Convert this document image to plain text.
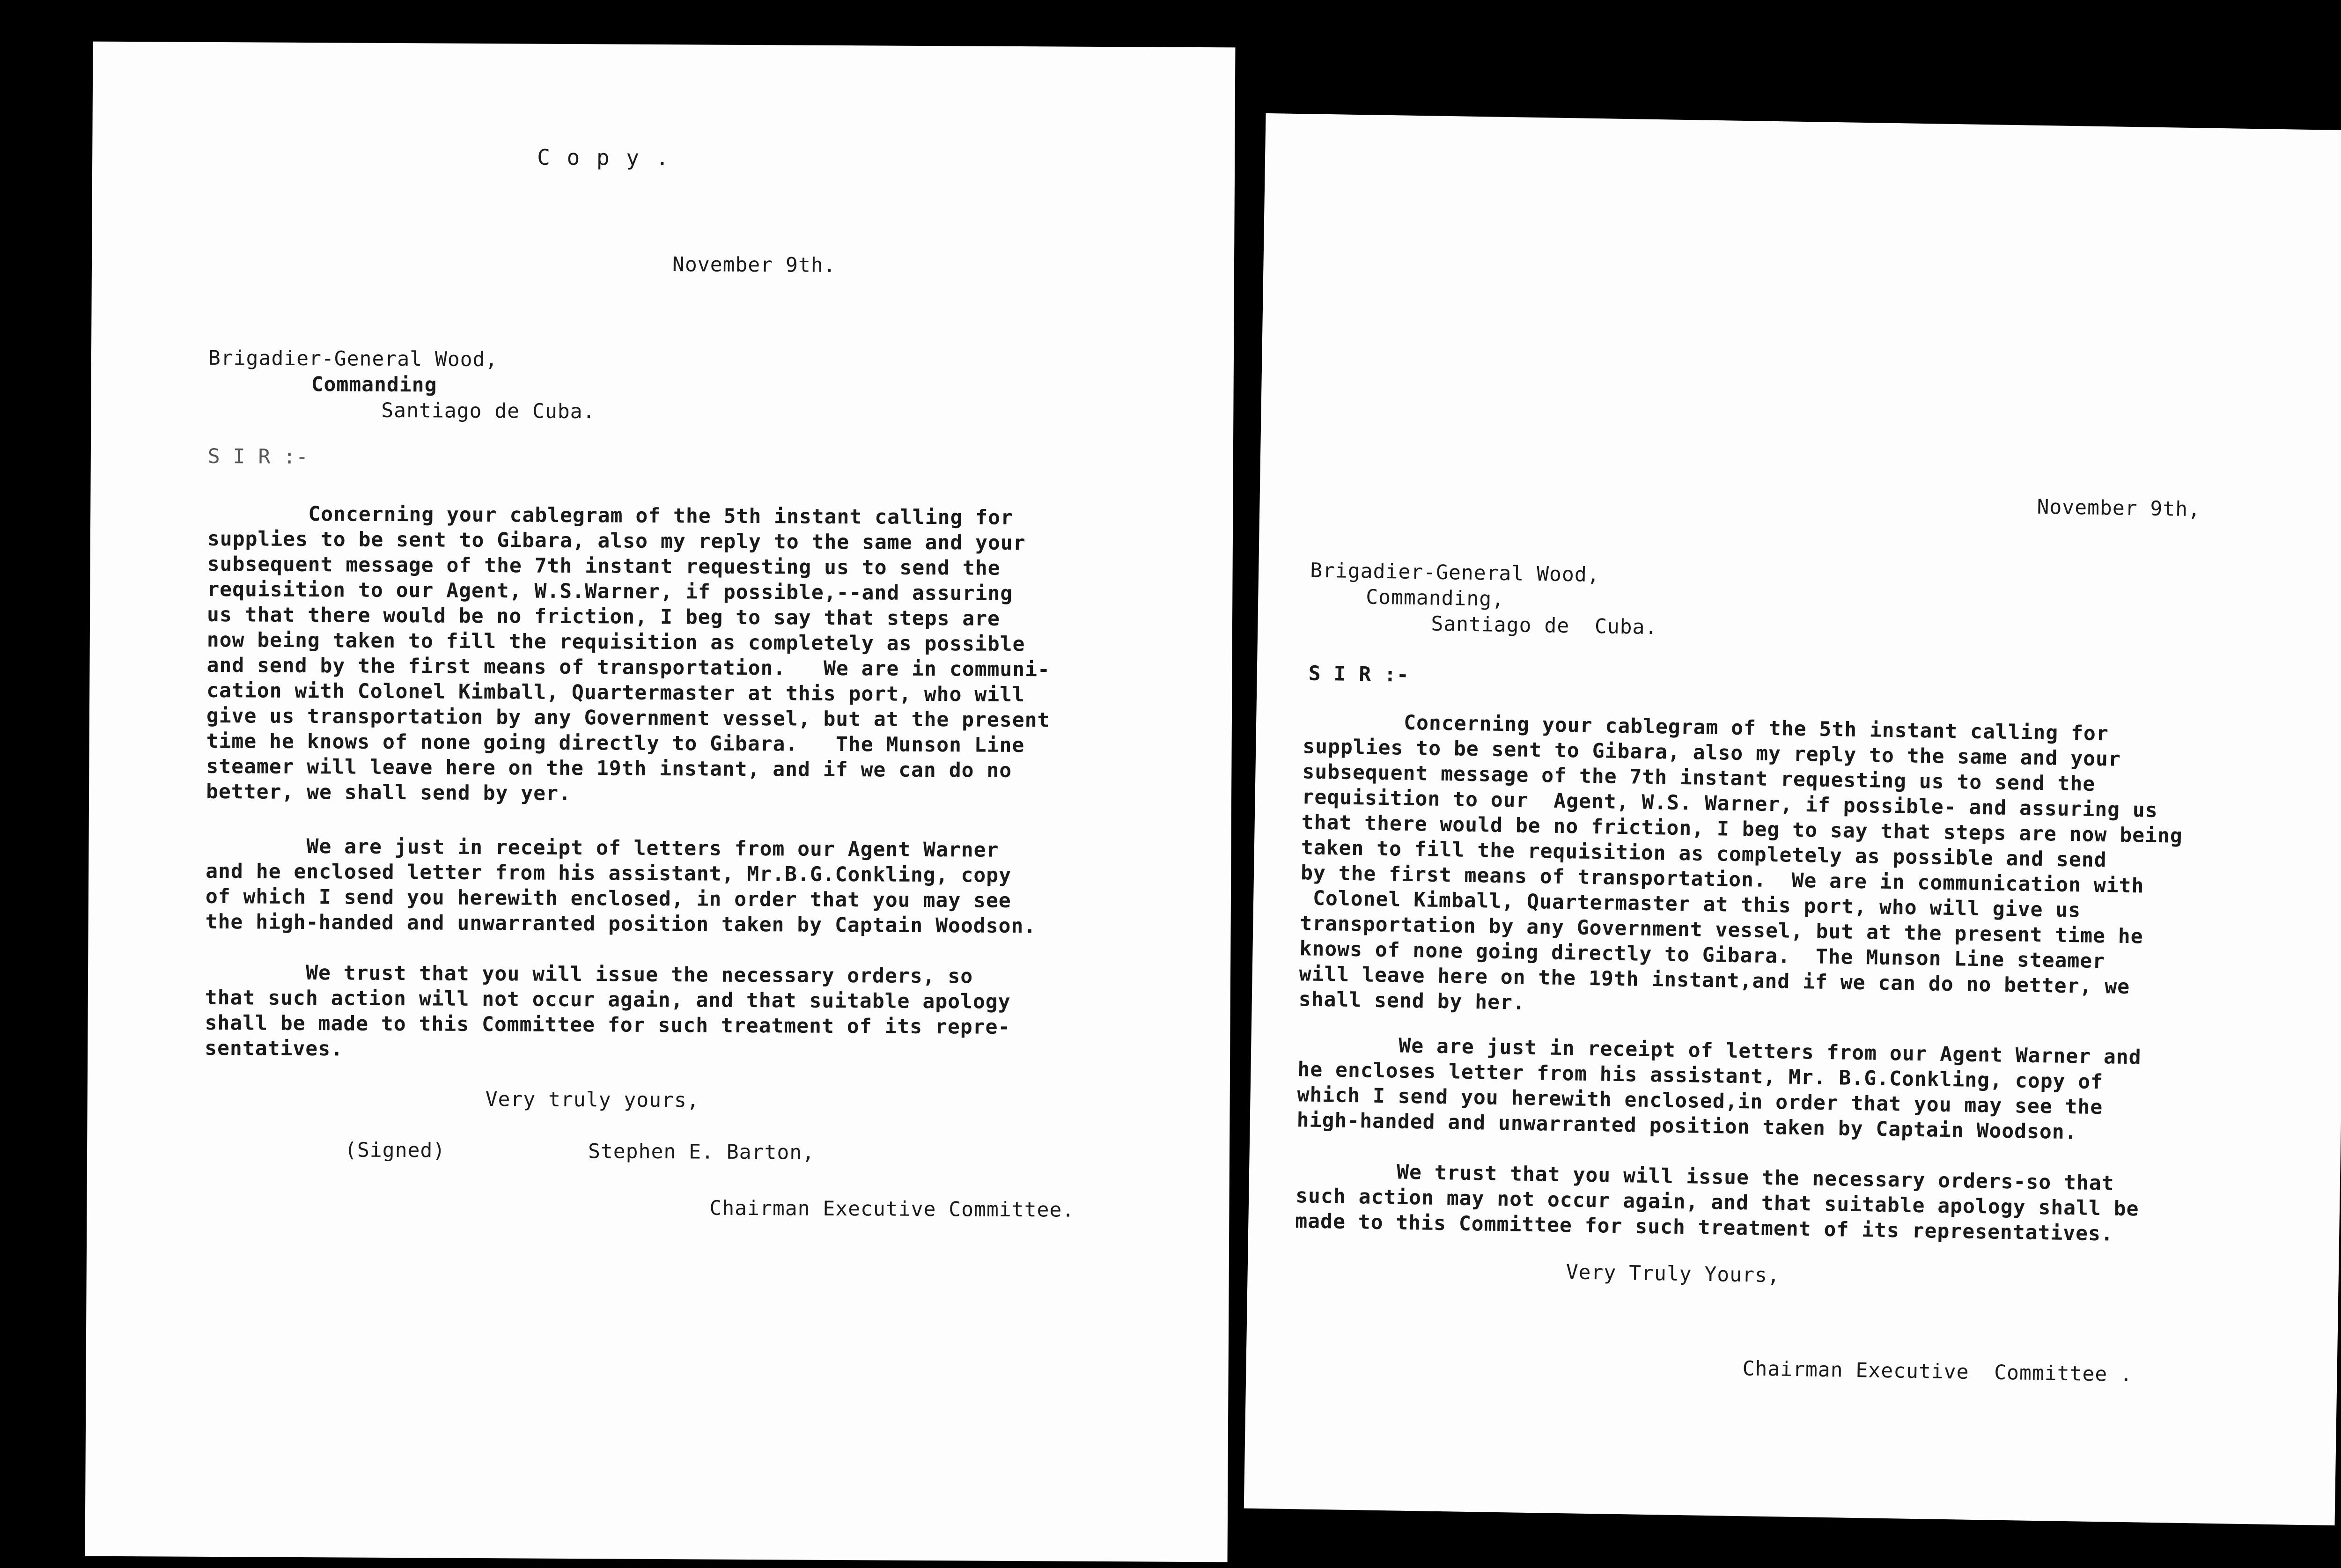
C o p y .
November 9th.
Brigadier-General Wood,
Commanding
Santiago de Cuba.
S I R :-
Concerning your cablegram of the 5th instant calling for
supplies to be sent to Gibara, also my reply to the same and your
subsequent message of the 7th instant requesting us to send the
requisition to our Agent, W.S.Warner, if possible,--and assuring
us that there would be no friction, I beg to say that steps are
now being taken to fill the requisition as completely as possible
and send by the first means of transportation.   We are in communi-
cation with Colonel Kimball, Quartermaster at this port, who will
give us transportation by any Government vessel, but at the present
time he knows of none going directly to Gibara.   The Munson Line
steamer will leave here on the 19th instant, and if we can do no
better, we shall send by yer.
We are just in receipt of letters from our Agent Warner
and he enclosed letter from his assistant, Mr.B.G.Conkling, copy
of which I send you herewith enclosed, in order that you may see
the high-handed and unwarranted position taken by Captain Woodson.
We trust that you will issue the necessary orders, so
that such action will not occur again, and that suitable apology
shall be made to this Committee for such treatment of its repre-
sentatives.
Very truly yours,
(Signed)	Stephen E. Barton,
Chairman Executive Committee.
November 9th,
Brigadier-General Wood,
Commanding,
Santiago de  Cuba.
S I R :-
Concerning your cablegram of the 5th instant calling for
supplies to be sent to Gibara, also my reply to the same and your
subsequent message of the 7th instant requesting us to send the
requisition to our  Agent, W.S. Warner, if possible- and assuring us
that there would be no friction, I beg to say that steps are now being
taken to fill the requisition as completely as possible and send
by the first means of transportation.  We are in communication with
Colonel Kimball, Quartermaster at this port, who will give us
transportation by any Government vessel, but at the present time he
knows of none going directly to Gibara.  The Munson Line steamer
will leave here on the 19th instant,and if we can do no better, we
shall send by her.
We are just in receipt of letters from our Agent Warner and
he encloses letter from his assistant, Mr. B.G.Conkling, copy of
which I send you herewith enclosed,in order that you may see the
high-handed and unwarranted position taken by Captain Woodson.
We trust that you will issue the necessary orders-so that
such action may not occur again, and that suitable apology shall be
made to this Committee for such treatment of its representatives.
Very Truly Yours,
Chairman Executive  Committee .
